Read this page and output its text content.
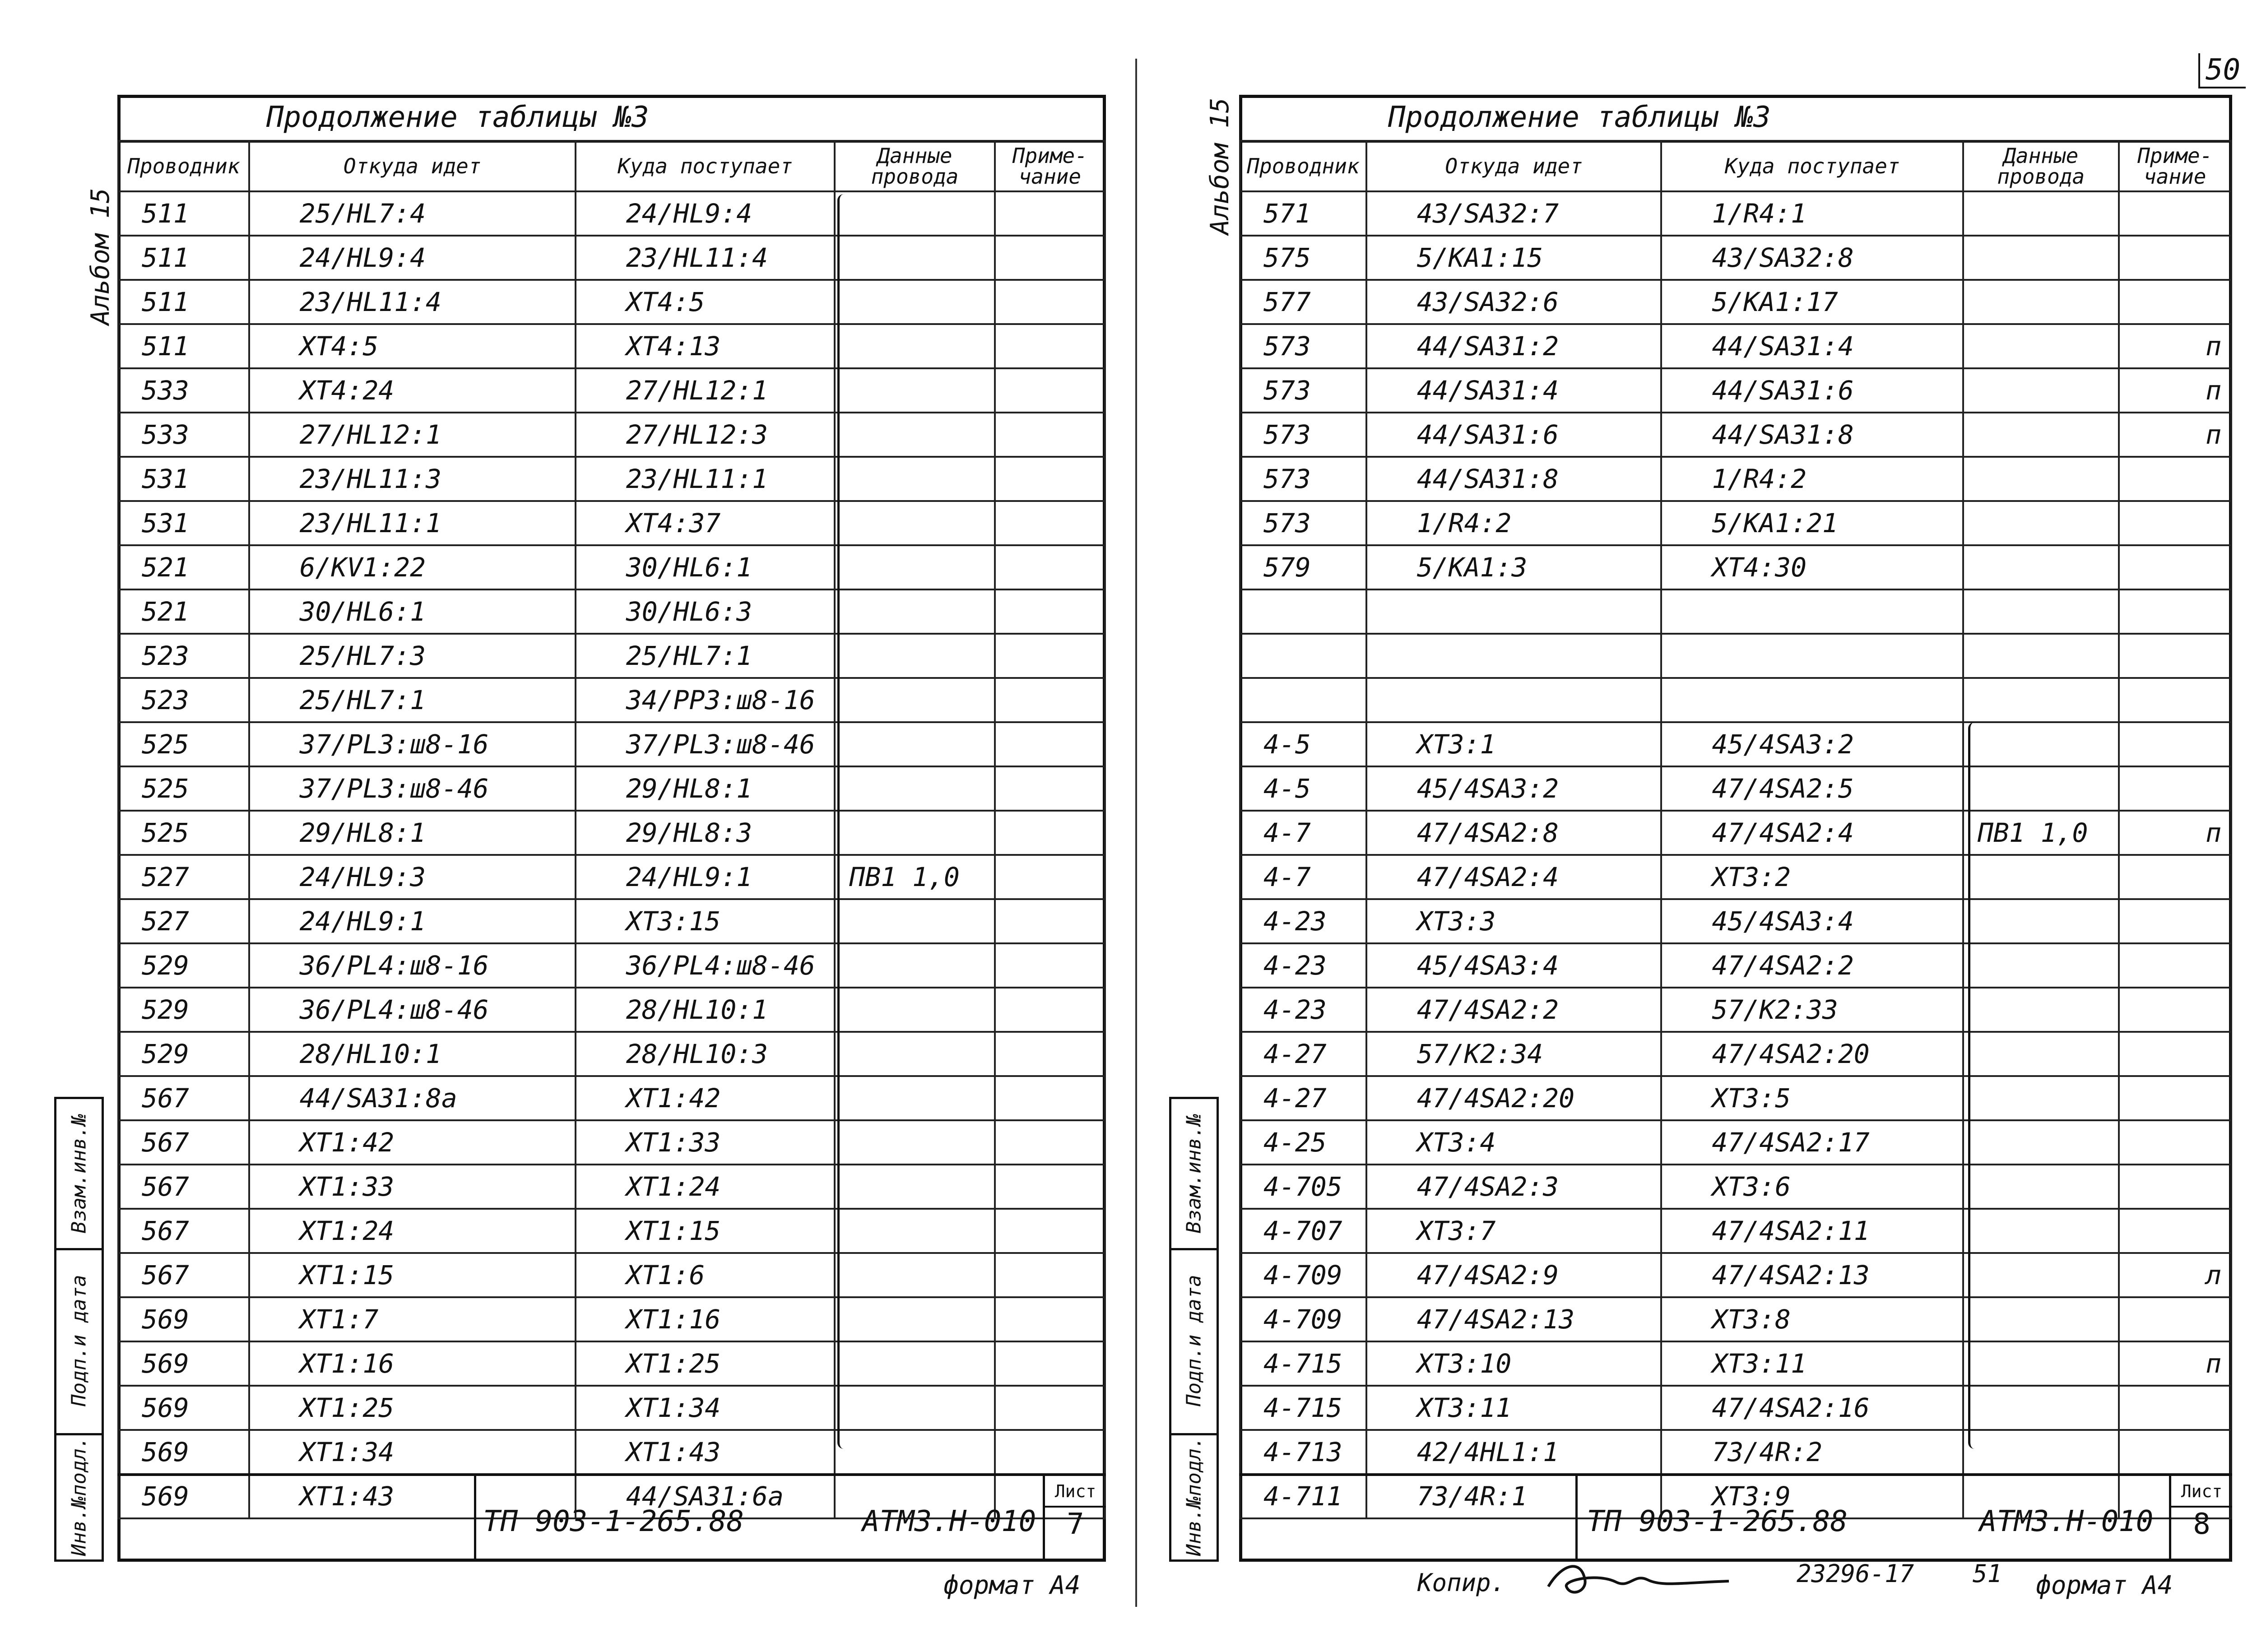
50
Продолжение таблицы №3
Проводник	Откуда идет	Куда поступает	Данные провода	Приме-чание
511	25/HL7:4	24/HL9:4		
511	24/HL9:4	23/HL11:4		
511	23/HL11:4	XT4:5		
511	XT4:5	XT4:13		
533	XT4:24	27/HL12:1		
533	27/HL12:1	27/HL12:3		
531	23/HL11:3	23/HL11:1		
531	23/HL11:1	XT4:37		
521	6/KV1:22	30/HL6:1		
521	30/HL6:1	30/HL6:3		
523	25/HL7:3	25/HL7:1		
523	25/HL7:1	34/PP3:ш8-16		
525	37/PL3:ш8-16	37/PL3:ш8-46		
525	37/PL3:ш8-46	29/HL8:1		
525	29/HL8:1	29/HL8:3		
527	24/HL9:3	24/HL9:1	ПВ1 1,0	
527	24/HL9:1	XT3:15		
529	36/PL4:ш8-16	36/PL4:ш8-46		
529	36/PL4:ш8-46	28/HL10:1		
529	28/HL10:1	28/HL10:3		
567	44/SA31:8а	XT1:42		
567	XT1:42	XT1:33		
567	XT1:33	XT1:24		
567	XT1:24	XT1:15		
567	XT1:15	XT1:6		
569	XT1:7	XT1:16		
569	XT1:16	XT1:25		
569	XT1:25	XT1:34		
569	XT1:34	XT1:43		
569	XT1:43	44/SA31:6а		
ТП 903-1-265.88	АТМ3.Н-010
Лист
7
Альбом 15
Взам.инв.№
Подп.и дата
Инв.№подл.
формат А4
Продолжение таблицы №3
Проводник	Откуда идет	Куда поступает	Данные провода	Приме-чание
571	43/SA32:7	1/R4:1		
575	5/KA1:15	43/SA32:8		
577	43/SA32:6	5/KA1:17		
573	44/SA31:2	44/SA31:4		п
573	44/SA31:4	44/SA31:6		п
573	44/SA31:6	44/SA31:8		п
573	44/SA31:8	1/R4:2		
573	1/R4:2	5/KA1:21		
579	5/KA1:3	XT4:30		

4-5	XT3:1	45/4SA3:2		
4-5	45/4SA3:2	47/4SA2:5		
4-7	47/4SA2:8	47/4SA2:4	ПВ1 1,0	п
4-7	47/4SA2:4	XT3:2		
4-23	XT3:3	45/4SA3:4		
4-23	45/4SA3:4	47/4SA2:2		
4-23	47/4SA2:2	57/K2:33		
4-27	57/K2:34	47/4SA2:20		
4-27	47/4SA2:20	XT3:5		
4-25	XT3:4	47/4SA2:17		
4-705	47/4SA2:3	XT3:6		
4-707	XT3:7	47/4SA2:11		
4-709	47/4SA2:9	47/4SA2:13		л
4-709	47/4SA2:13	XT3:8		
4-715	XT3:10	XT3:11		п
4-715	XT3:11	47/4SA2:16		
4-713	42/4HL1:1	73/4R:2		
4-711	73/4R:1	XT3:9		
ТП 903-1-265.88	АТМ3.Н-010
Лист
8
Альбом 15
Взам.инв.№
Подп.и дата
Инв.№подл.
Копир.	23296-17 51 формат А4
